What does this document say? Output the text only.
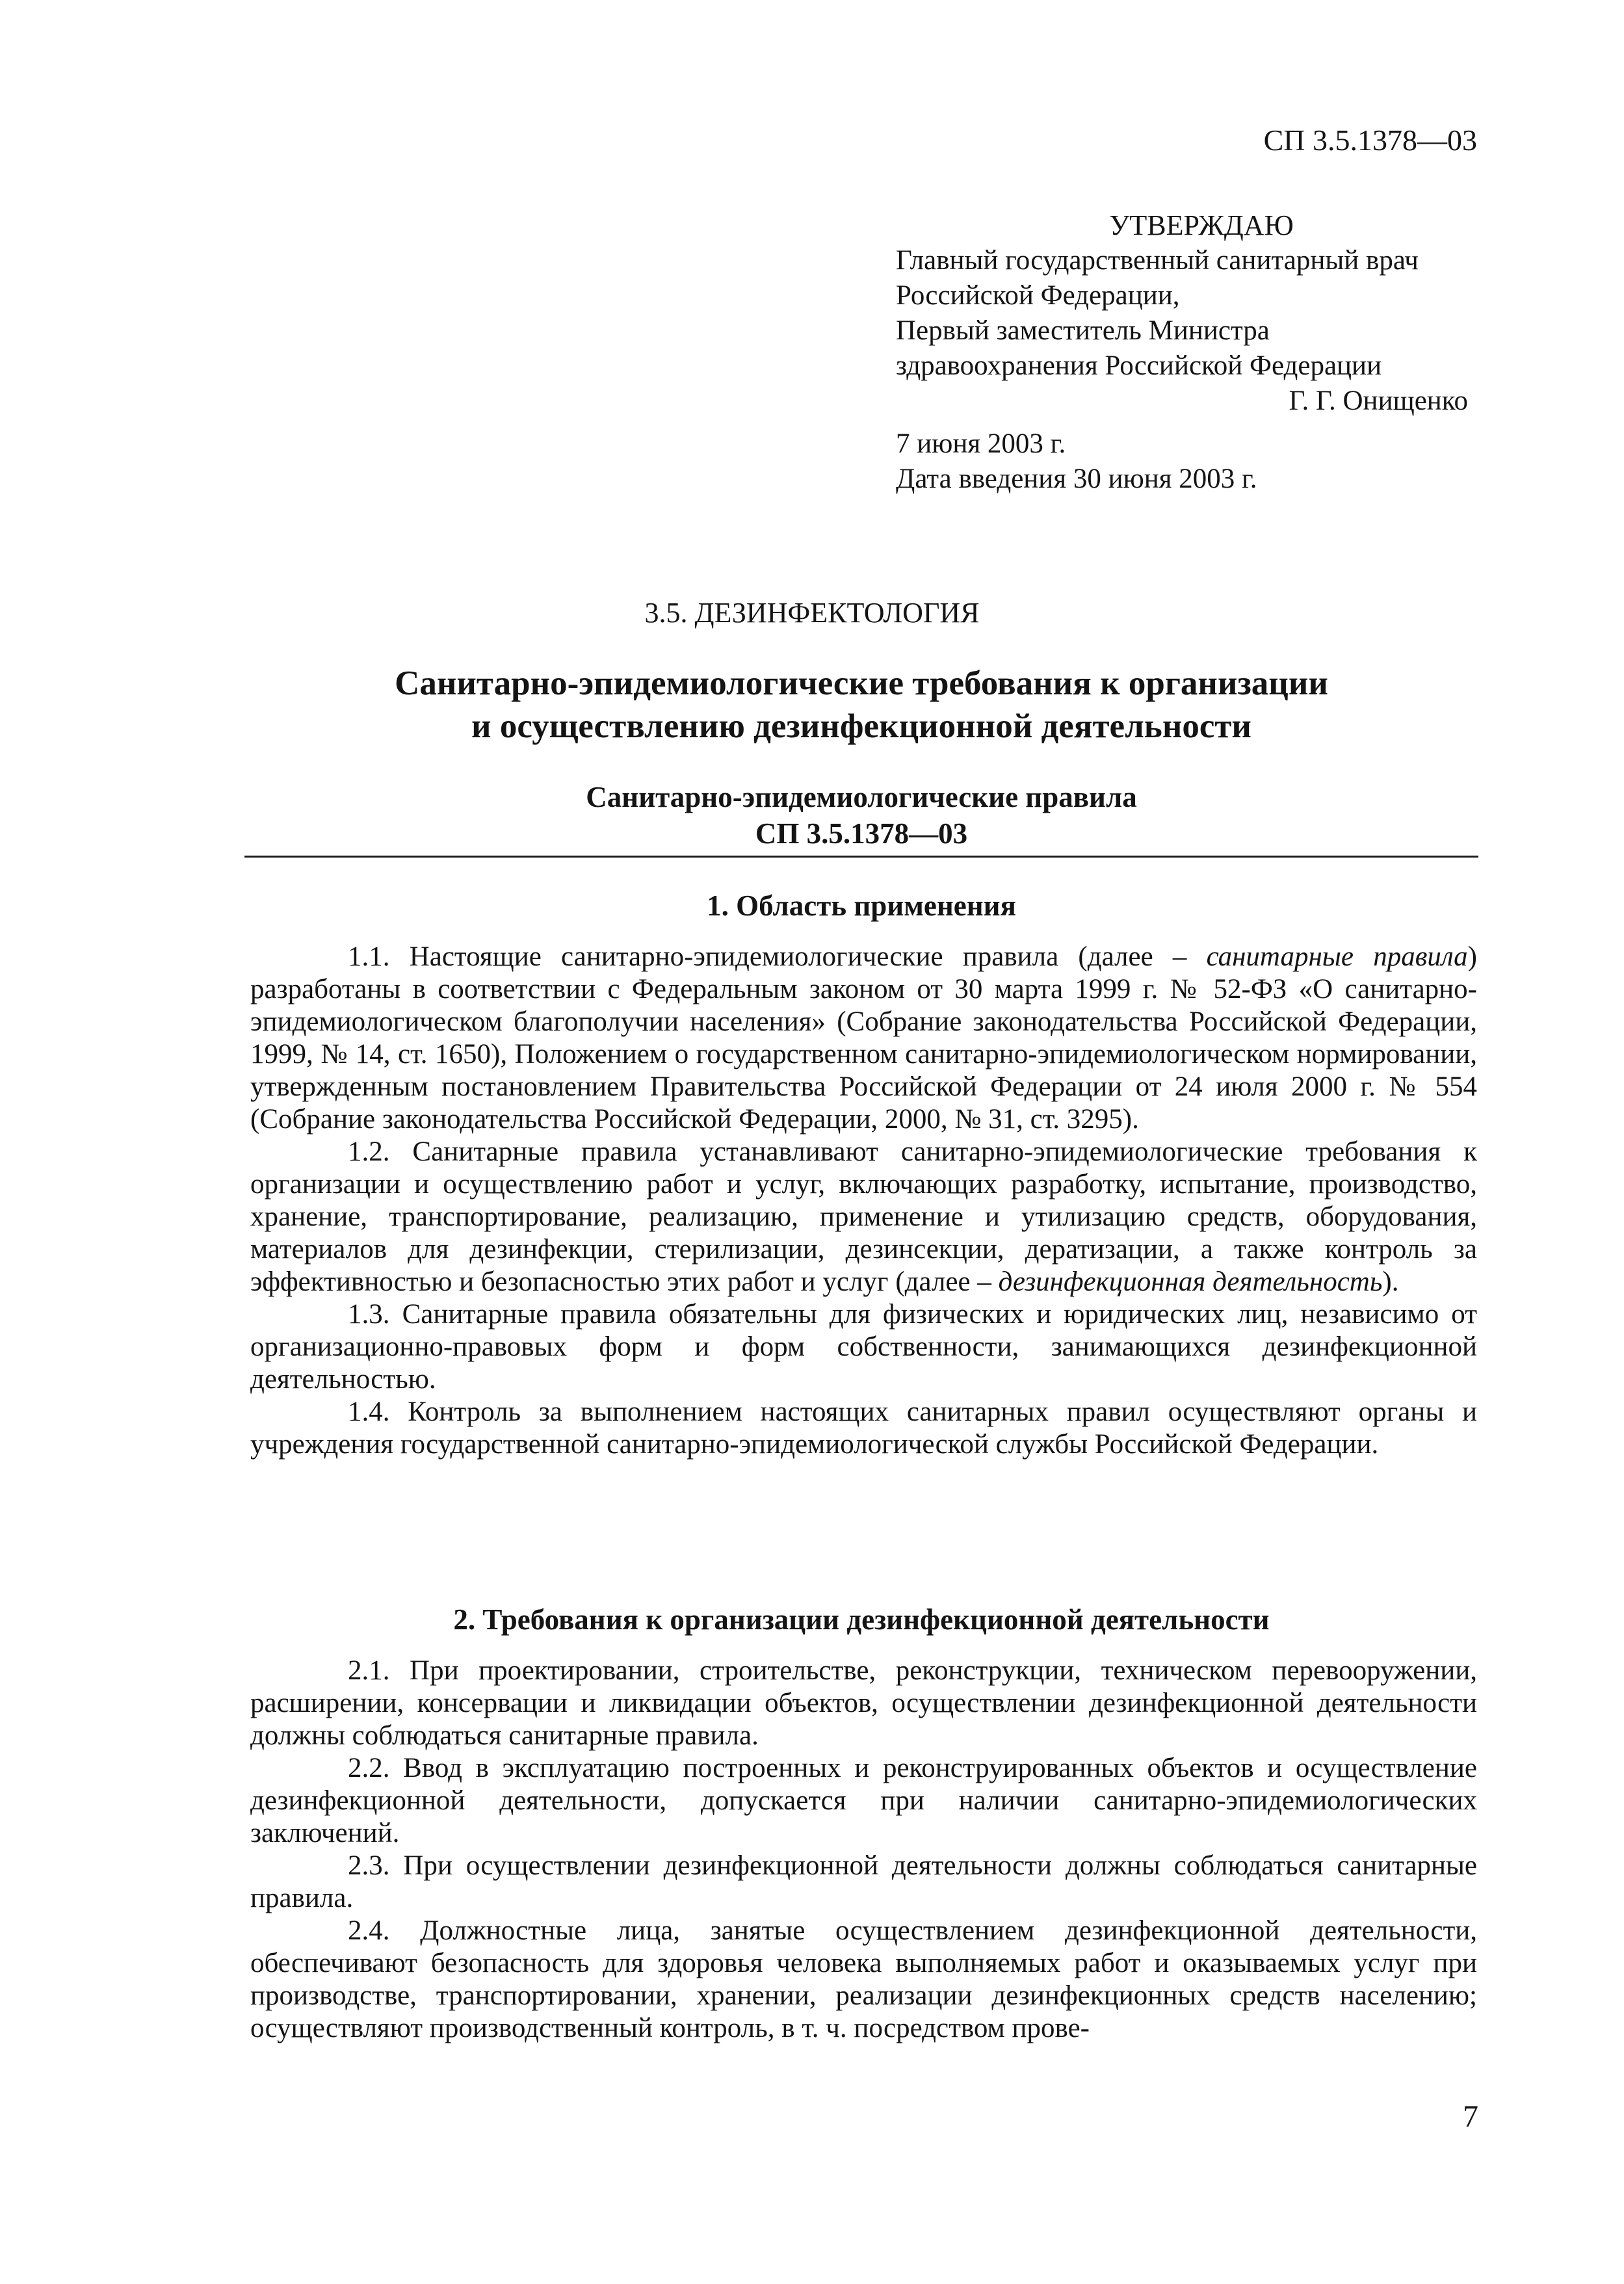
СП 3.5.1378—03
УТВЕРЖДАЮ
Главный государственный санитарный врач
Российской Федерации,
Первый заместитель Министра
здравоохранения Российской Федерации
Г. Г. Онищенко
7 июня 2003 г.
Дата введения 30 июня 2003 г.
3.5. ДЕЗИНФЕКТОЛОГИЯ
Санитарно-эпидемиологические требования к организации
и осуществлению дезинфекционной деятельности
Санитарно-эпидемиологические правила
СП 3.5.1378—03
1. Область применения

1.1. Настоящие санитарно-эпидемиологические правила (далее – санитарные правила) разработаны в соответствии с Федеральным законом от 30 марта 1999 г. № 52-ФЗ «О санитарно-эпидемиологическом благополучии населения» (Собрание законодательства Российской Федерации, 1999, № 14, ст. 1650), Положением о государственном санитарно-эпидемиологическом нормировании, утвержденным постановлением Правительства Российской Федерации от 24 июля 2000 г. № 554 (Собрание законодательства Российской Федерации, 2000, № 31, ст. 3295).

1.2. Санитарные правила устанавливают санитарно-эпидемиологические требования к организации и осуществлению работ и услуг, включающих разработку, испытание, производство, хранение, транспортирование, реализацию, применение и утилизацию средств, оборудования, материалов для дезинфекции, стерилизации, дезинсекции, дератизации, а также контроль за эффективностью и безопасностью этих работ и услуг (далее – дезинфекционная деятельность).

1.3. Санитарные правила обязательны для физических и юридических лиц, независимо от организационно-правовых форм и форм собственности, занимающихся дезинфекционной деятельностью.

1.4. Контроль за выполнением настоящих санитарных правил осуществляют органы и учреждения государственной санитарно-эпидемиологической службы Российской Федерации.

2. Требования к организации дезинфекционной деятельности

2.1. При проектировании, строительстве, реконструкции, техническом перевооружении, расширении, консервации и ликвидации объектов, осуществлении дезинфекционной деятельности должны соблюдаться санитарные правила.

2.2. Ввод в эксплуатацию построенных и реконструированных объектов и осуществление дезинфекционной деятельности, допускается при наличии санитарно-эпидемиологических заключений.

2.3. При осуществлении дезинфекционной деятельности должны соблюдаться санитарные правила.

2.4. Должностные лица, занятые осуществлением дезинфекционной деятельности, обеспечивают безопасность для здоровья человека выполняемых работ и оказываемых услуг при производстве, транспортировании, хранении, реализации дезинфекционных средств населению; осуществляют производственный контроль, в т. ч. посредством прове-

7
